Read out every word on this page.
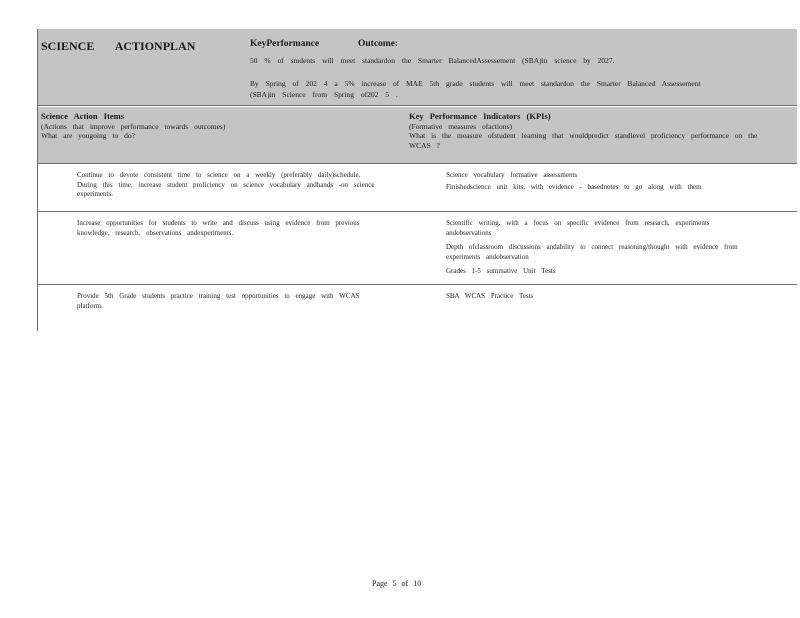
SCIENCE ACTIONPLAN	KeyPerformance	Outcome:
50 % of students will meet standardon the Smarter BalancedAssessement (SBA)in science by 2027.
By Spring of 202 4 a 5% increase of MAE 5th grade students will meet standardon the Smarter Balanced Assessement (SBA)in Science from Spring of202 5 .
Science Action Items
(Actions that improve performance towards outcomes)
What are yougoing to do?
Key Performance Indicators (KPIs)
(Formative measures ofactions)
What is the measure ofstudent learning that wouldpredict standlevel proficiency performance on the WCAS ?
Continue to devote consistent time to science on a weekly (preferably daily)schedule. During this time, increase student proficiency on science vocabulary andhands -on science experiments.
Science vocabulary formative assessments
Finishedscience unit kits, with evidence - basednotes to go along with them
Increase opportunities for students to write and discuss using evidence from previous knowledge, research, observations andexperiments.
Scientific writing, with a focus on specific evidence from research, experiments andobservations
Depth ofclassroom discussions andability to connect reasoning/thought with evidence from experiments andobservation
Grades 1-5 summative Unit Tests
Provide 5th Grade students practice training test opportunities to engage with WCAS platform.
SBA WCAS Practice Tests
Page 5 of 10
